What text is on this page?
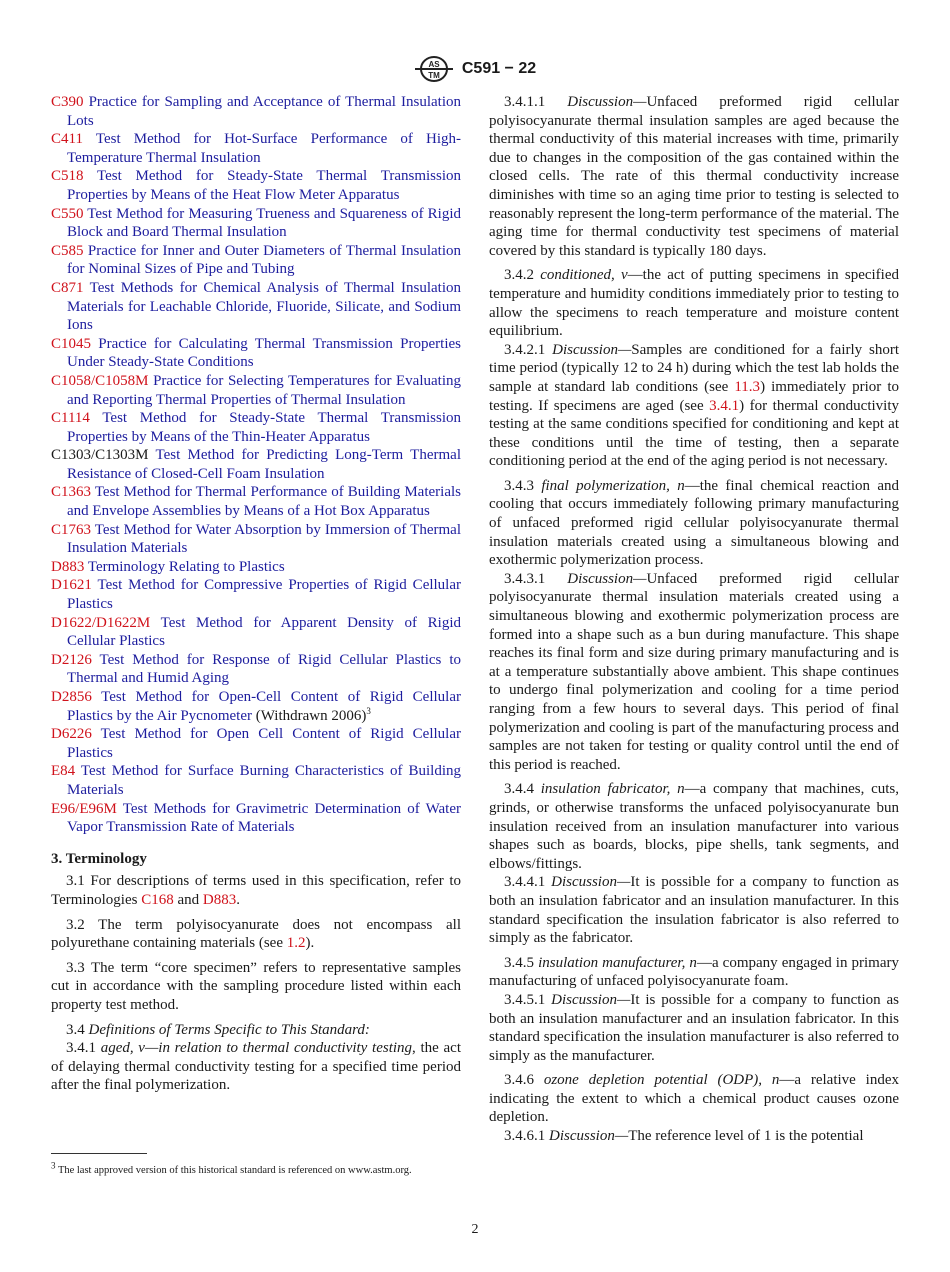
AS
TM C591 − 22

C390 Practice for Sampling and Acceptance of Thermal Insulation Lots

C411 Test Method for Hot-Surface Performance of High-Temperature Thermal Insulation

C518 Test Method for Steady-State Thermal Transmission Properties by Means of the Heat Flow Meter Apparatus

C550 Test Method for Measuring Trueness and Squareness of Rigid Block and Board Thermal Insulation

C585 Practice for Inner and Outer Diameters of Thermal Insulation for Nominal Sizes of Pipe and Tubing

C871 Test Methods for Chemical Analysis of Thermal Insulation Materials for Leachable Chloride, Fluoride, Silicate, and Sodium Ions

C1045 Practice for Calculating Thermal Transmission Properties Under Steady-State Conditions

C1058/C1058M Practice for Selecting Temperatures for Evaluating and Reporting Thermal Properties of Thermal Insulation

C1114 Test Method for Steady-State Thermal Transmission Properties by Means of the Thin-Heater Apparatus

C1303/C1303M Test Method for Predicting Long-Term Thermal Resistance of Closed-Cell Foam Insulation

C1363 Test Method for Thermal Performance of Building Materials and Envelope Assemblies by Means of a Hot Box Apparatus

C1763 Test Method for Water Absorption by Immersion of Thermal Insulation Materials

D883 Terminology Relating to Plastics

D1621 Test Method for Compressive Properties of Rigid Cellular Plastics

D1622/D1622M Test Method for Apparent Density of Rigid Cellular Plastics

D2126 Test Method for Response of Rigid Cellular Plastics to Thermal and Humid Aging

D2856 Test Method for Open-Cell Content of Rigid Cellular Plastics by the Air Pycnometer (Withdrawn 2006)$^3$

D6226 Test Method for Open Cell Content of Rigid Cellular Plastics

E84 Test Method for Surface Burning Characteristics of Building Materials

E96/E96M Test Methods for Gravimetric Determination of Water Vapor Transmission Rate of Materials

3. Terminology

3.1 For descriptions of terms used in this specification, refer to Terminologies C168 and D883.

3.2 The term polyisocyanurate does not encompass all polyurethane containing materials (see 1.2).

3.3 The term “core specimen” refers to representative samples cut in accordance with the sampling procedure listed within each property test method.

3.4 Definitions of Terms Specific to This Standard:

3.4.1 aged, v—in relation to thermal conductivity testing, the act of delaying thermal conductivity testing for a specified time period after the final polymerization.

$^3$ The last approved version of this historical standard is referenced on www.astm.org.

3.4.1.1 Discussion—Unfaced preformed rigid cellular polyisocyanurate thermal insulation samples are aged because the thermal conductivity of this material increases with time, primarily due to changes in the composition of the gas contained within the closed cells. The rate of this thermal conductivity increase diminishes with time so an aging time prior to testing is selected to reasonably represent the long-term performance of the material. The aging time for thermal conductivity test specimens of material covered by this standard is typically 180 days.

3.4.2 conditioned, v—the act of putting specimens in specified temperature and humidity conditions immediately prior to testing to allow the specimens to reach temperature and moisture content equilibrium.

3.4.2.1 Discussion—Samples are conditioned for a fairly short time period (typically 12 to 24 h) during which the test lab holds the sample at standard lab conditions (see 11.3) immediately prior to testing. If specimens are aged (see 3.4.1) for thermal conductivity testing at the same conditions specified for conditioning and kept at these conditions until the time of testing, then a separate conditioning period at the end of the aging period is not necessary.

3.4.3 final polymerization, n—the final chemical reaction and cooling that occurs immediately following primary manufacturing of unfaced preformed rigid cellular polyisocyanurate thermal insulation materials created using a simultaneous blowing and exothermic polymerization process.

3.4.3.1 Discussion—Unfaced preformed rigid cellular polyisocyanurate thermal insulation materials created using a simultaneous blowing and exothermic polymerization process are formed into a shape such as a bun during manufacture. This shape reaches its final form and size during primary manufacturing and is at a temperature substantially above ambient. This shape continues to undergo final polymerization and cooling for a time period ranging from a few hours to several days. This period of final polymerization and cooling is part of the manufacturing process and samples are not taken for testing or quality control until the end of this period is reached.

3.4.4 insulation fabricator, n—a company that machines, cuts, grinds, or otherwise transforms the unfaced polyisocyanurate bun insulation received from an insulation manufacturer into various shapes such as boards, blocks, pipe shells, tank segments, and elbows/fittings.

3.4.4.1 Discussion—It is possible for a company to function as both an insulation fabricator and an insulation manufacturer. In this standard specification the insulation fabricator is also referred to simply as the fabricator.

3.4.5 insulation manufacturer, n—a company engaged in primary manufacturing of unfaced polyisocyanurate foam.

3.4.5.1 Discussion—It is possible for a company to function as both an insulation manufacturer and an insulation fabricator. In this standard specification the insulation manufacturer is also referred to simply as the manufacturer.

3.4.6 ozone depletion potential (ODP), n—a relative index indicating the extent to which a chemical product causes ozone depletion.

3.4.6.1 Discussion—The reference level of 1 is the potential

2
